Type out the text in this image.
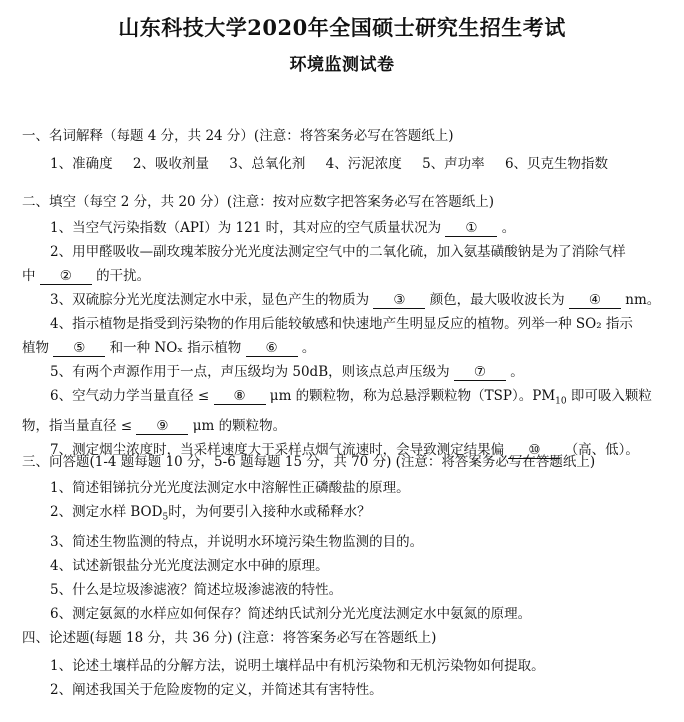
山东科技大学2020年全国硕士研究生招生考试
环境监测试卷
一、名词解释（每题 4 分，共 24 分）(注意：将答案务必写在答题纸上)
1、准确度 2、吸收剂量 3、总氧化剂 4、污泥浓度 5、声功率 6、贝克生物指数
二、填空（每空 2 分，共 20 分）(注意：按对应数字把答案务必写在答题纸上)
1、当空气污染指数（API）为 121 时，其对应的空气质量状况为 ① 。
2、用甲醛吸收—副玫瑰苯胺分光光度法测定空气中的二氧化硫，加入氨基磺酸钠是为了消除气样
中 ② 的干扰。
3、双硫腙分光光度法测定水中汞，显色产生的物质为 ③ 颜色，最大吸收波长为 ④ nm。
4、指示植物是指受到污染物的作用后能较敏感和快速地产生明显反应的植物。列举一种 SO₂ 指示
植物 ⑤ 和一种 NOₓ 指示植物 ⑥ 。
5、有两个声源作用于一点，声压级均为 50dB，则该点总声压级为 ⑦ 。
6、空气动力学当量直径 ≤ ⑧ μm 的颗粒物，称为总悬浮颗粒物（TSP）。$PM_{10}$ 即可吸入颗粒
物，指当量直径 ≤ ⑨ μm 的颗粒物。
7、测定烟尘浓度时，当采样速度大于采样点烟气流速时，会导致测定结果偏 ⑩ （高、低）。
三、问答题(1-4 题每题 10 分，5-6 题每题 15 分，共 70 分) (注意：将答案务必写在答题纸上)
1、简述钼锑抗分光光度法测定水中溶解性正磷酸盐的原理。
2、测定水样 $BOD_5$时，为何要引入接种水或稀释水？
3、简述生物监测的特点，并说明水环境污染生物监测的目的。
4、试述新银盐分光光度法测定水中砷的原理。
5、什么是垃圾渗滤液？简述垃圾渗滤液的特性。
6、测定氨氮的水样应如何保存？简述纳氏试剂分光光度法测定水中氨氮的原理。
四、论述题(每题 18 分，共 36 分) (注意：将答案务必写在答题纸上)
1、论述土壤样品的分解方法，说明土壤样品中有机污染物和无机污染物如何提取。
2、阐述我国关于危险废物的定义，并简述其有害特性。
